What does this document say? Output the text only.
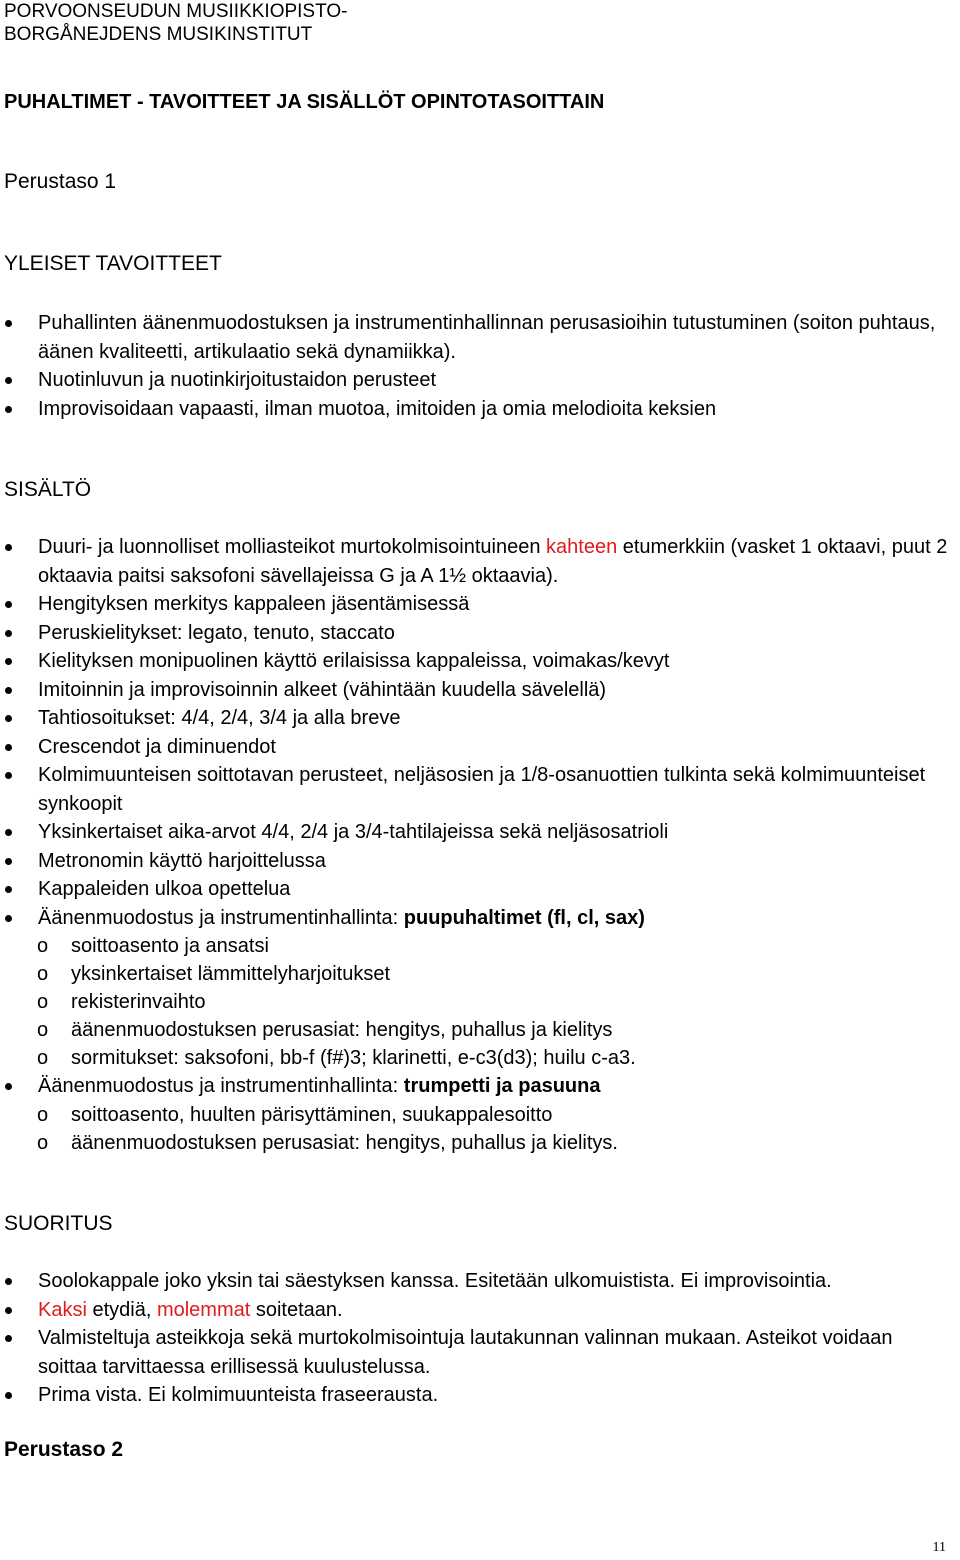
PORVOONSEUDUN MUSIIKKIOPISTO-
BORGÅNEJDENS MUSIKINSTITUT
PUHALTIMET - TAVOITTEET JA SISÄLLÖT OPINTOTASOITTAIN
Perustaso 1
YLEISET TAVOITTEET
Puhallinten äänenmuodostuksen ja instrumentinhallinnan perusasioihin tutustuminen (soiton puhtaus, äänen kvaliteetti, artikulaatio sekä dynamiikka).
Nuotinluvun ja nuotinkirjoitustaidon perusteet
Improvisoidaan vapaasti, ilman muotoa, imitoiden ja omia melodioita keksien
SISÄLTÖ
Duuri- ja luonnolliset molliasteikot murtokolmisointuineen kahteen etumerkkiin (vasket 1 oktaavi, puut 2 oktaavia paitsi saksofoni sävellajeissa G ja A 1½ oktaavia).
Hengityksen merkitys kappaleen jäsentämisessä
Peruskielitykset: legato, tenuto, staccato
Kielityksen monipuolinen käyttö erilaisissa kappaleissa, voimakas/kevyt
Imitoinnin ja improvisoinnin alkeet (vähintään kuudella sävelellä)
Tahtiosoitukset: 4/4, 2/4, 3/4 ja alla breve
Crescendot ja diminuendot
Kolmimuunteisen soittotavan perusteet, neljäsosien ja 1/8-osanuottien tulkinta sekä kolmimuunteiset synkoopit
Yksinkertaiset aika-arvot 4/4, 2/4 ja 3/4-tahtilajeissa sekä neljäsosatrioli
Metronomin käyttö harjoittelussa
Kappaleiden ulkoa opettelua
Äänenmuodostus ja instrumentinhallinta: puupuhaltimet (fl, cl, sax)
o soittoasento ja ansatsi
o yksinkertaiset lämmittelyharjoitukset
o rekisterinvaihto
o äänenmuodostuksen perusasiat: hengitys, puhallus ja kielitys
o sormitukset: saksofoni, bb-f (f#)3; klarinetti, e-c3(d3); huilu c-a3.
Äänenmuodostus ja instrumentinhallinta: trumpetti ja pasuuna
o soittoasento, huulten pärisyttäminen, suukappalesoitto
o äänenmuodostuksen perusasiat: hengitys, puhallus ja kielitys.
SUORITUS
Soolokappale joko yksin tai säestyksen kanssa. Esitetään ulkomuistista. Ei improvisointia.
Kaksi etydiä, molemmat soitetaan.
Valmisteltuja asteikkoja sekä murtokolmisointuja lautakunnan valinnan mukaan. Asteikot voidaan soittaa tarvittaessa erillisessä kuulustelussa.
Prima vista. Ei kolmimuunteista fraseerausta.
Perustaso 2
11
